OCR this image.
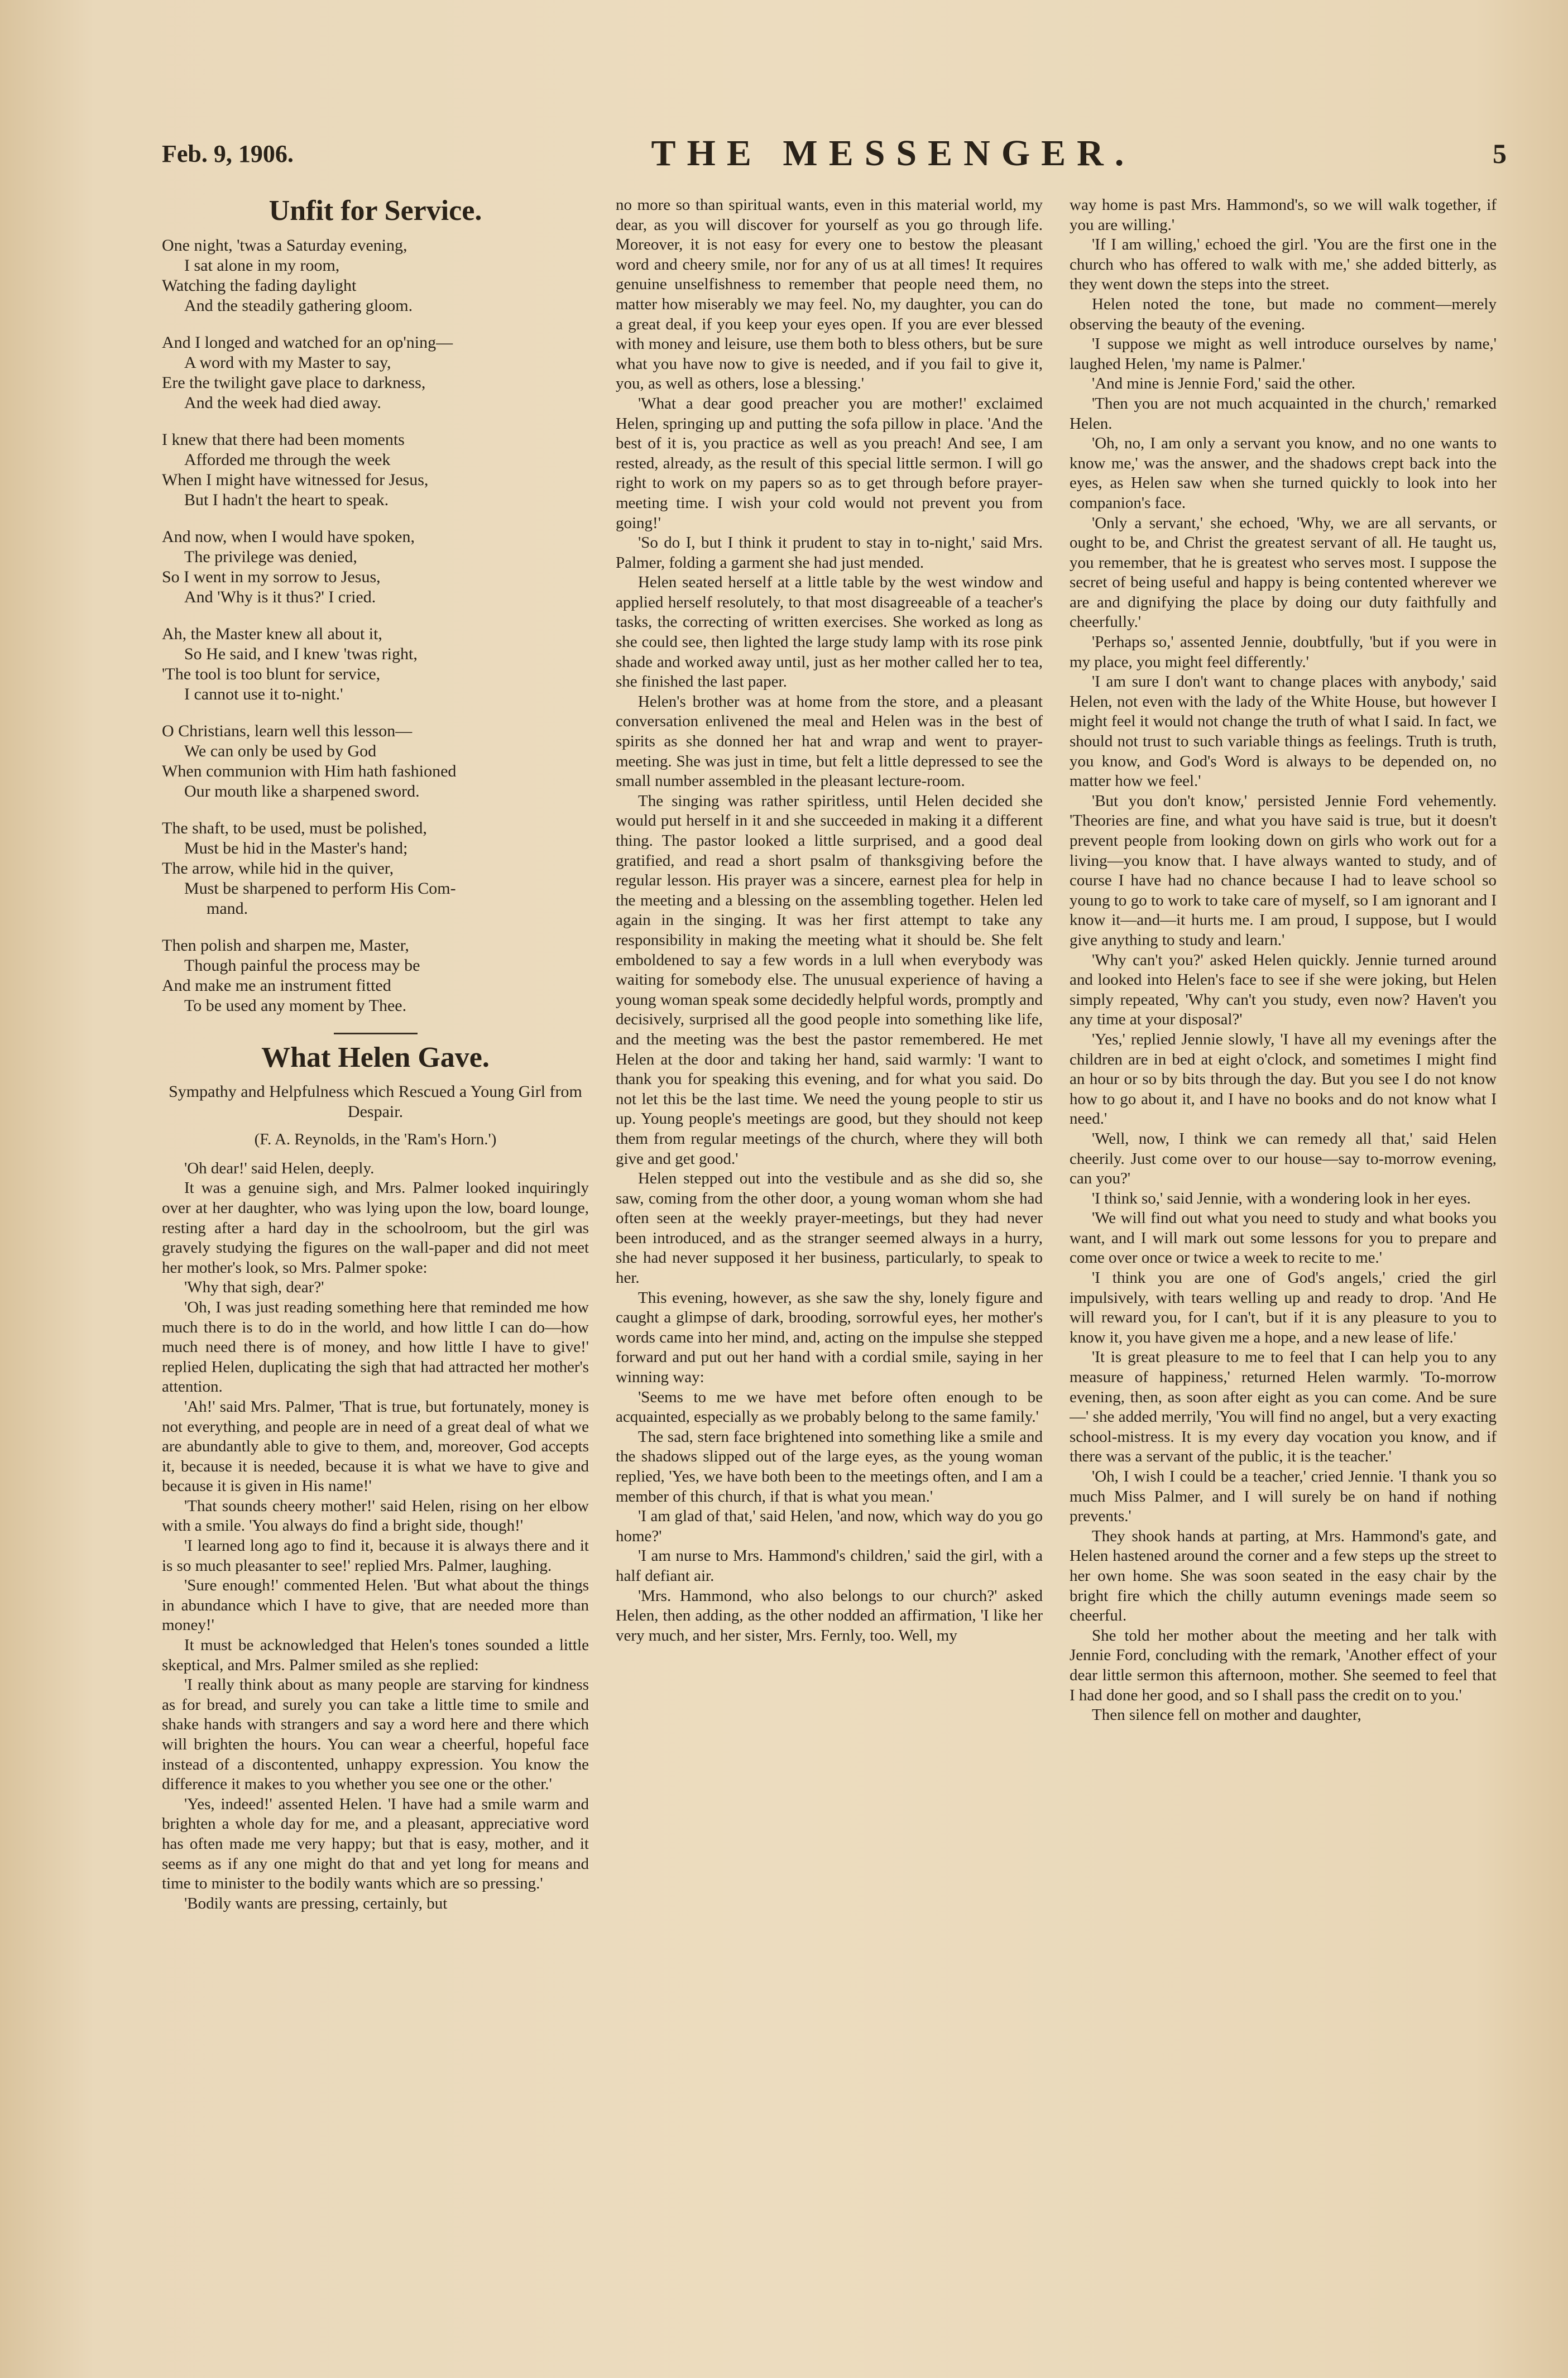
Feb. 9, 1906.	THE MESSENGER.	5
Unfit for Service.
One night, 'twas a Saturday evening,
I sat alone in my room,
Watching the fading daylight
And the steadily gathering gloom.
And I longed and watched for an op'ning—
A word with my Master to say,
Ere the twilight gave place to darkness,
And the week had died away.
I knew that there had been moments
Afforded me through the week
When I might have witnessed for Jesus,
But I hadn't the heart to speak.
And now, when I would have spoken,
The privilege was denied,
So I went in my sorrow to Jesus,
And 'Why is it thus?' I cried.
Ah, the Master knew all about it,
So He said, and I knew 'twas right,
'The tool is too blunt for service,
I cannot use it to-night.'
O Christians, learn well this lesson—
We can only be used by God
When communion with Him hath fashioned
Our mouth like a sharpened sword.
The shaft, to be used, must be polished,
Must be hid in the Master's hand;
The arrow, while hid in the quiver,
Must be sharpened to perform His Com-
mand.
Then polish and sharpen me, Master,
Though painful the process may be
And make me an instrument fitted
To be used any moment by Thee.
What Helen Gave.
Sympathy and Helpfulness which Rescued a Young Girl from Despair.
(F. A. Reynolds, in the 'Ram's Horn.')

'Oh dear!' said Helen, deeply.

It was a genuine sigh, and Mrs. Palmer looked inquiringly over at her daughter, who was lying upon the low, board lounge, resting after a hard day in the schoolroom, but the girl was gravely studying the figures on the wall-paper and did not meet her mother's look, so Mrs. Palmer spoke:

'Why that sigh, dear?'

'Oh, I was just reading something here that reminded me how much there is to do in the world, and how little I can do—how much need there is of money, and how little I have to give!' replied Helen, duplicating the sigh that had attracted her mother's attention.

'Ah!' said Mrs. Palmer, 'That is true, but fortunately, money is not everything, and people are in need of a great deal of what we are abundantly able to give to them, and, moreover, God accepts it, because it is needed, because it is what we have to give and because it is given in His name!'

'That sounds cheery mother!' said Helen, rising on her elbow with a smile. 'You always do find a bright side, though!'

'I learned long ago to find it, because it is always there and it is so much pleasanter to see!' replied Mrs. Palmer, laughing.

'Sure enough!' commented Helen. 'But what about the things in abundance which I have to give, that are needed more than money!'

It must be acknowledged that Helen's tones sounded a little skeptical, and Mrs. Palmer smiled as she replied:

'I really think about as many people are starving for kindness as for bread, and surely you can take a little time to smile and shake hands with strangers and say a word here and there which will brighten the hours. You can wear a cheerful, hopeful face instead of a discontented, unhappy expression. You know the difference it makes to you whether you see one or the other.'

'Yes, indeed!' assented Helen. 'I have had a smile warm and brighten a whole day for me, and a pleasant, appreciative word has often made me very happy; but that is easy, mother, and it seems as if any one might do that and yet long for means and time to minister to the bodily wants which are so pressing.'

'Bodily wants are pressing, certainly, but

no more so than spiritual wants, even in this material world, my dear, as you will discover for yourself as you go through life. Moreover, it is not easy for every one to bestow the pleasant word and cheery smile, nor for any of us at all times! It requires genuine unselfishness to remember that people need them, no matter how miserably we may feel. No, my daughter, you can do a great deal, if you keep your eyes open. If you are ever blessed with money and leisure, use them both to bless others, but be sure what you have now to give is needed, and if you fail to give it, you, as well as others, lose a blessing.'

'What a dear good preacher you are mother!' exclaimed Helen, springing up and putting the sofa pillow in place. 'And the best of it is, you practice as well as you preach! And see, I am rested, already, as the result of this special little sermon. I will go right to work on my papers so as to get through before prayer-meeting time. I wish your cold would not prevent you from going!'

'So do I, but I think it prudent to stay in to-night,' said Mrs. Palmer, folding a garment she had just mended.

Helen seated herself at a little table by the west window and applied herself resolutely, to that most disagreeable of a teacher's tasks, the correcting of written exercises. She worked as long as she could see, then lighted the large study lamp with its rose pink shade and worked away until, just as her mother called her to tea, she finished the last paper.

Helen's brother was at home from the store, and a pleasant conversation enlivened the meal and Helen was in the best of spirits as she donned her hat and wrap and went to prayer-meeting. She was just in time, but felt a little depressed to see the small number assembled in the pleasant lecture-room.

The singing was rather spiritless, until Helen decided she would put herself in it and she succeeded in making it a different thing. The pastor looked a little surprised, and a good deal gratified, and read a short psalm of thanksgiving before the regular lesson. His prayer was a sincere, earnest plea for help in the meeting and a blessing on the assembling together. Helen led again in the singing. It was her first attempt to take any responsibility in making the meeting what it should be. She felt emboldened to say a few words in a lull when everybody was waiting for somebody else. The unusual experience of having a young woman speak some decidedly helpful words, promptly and decisively, surprised all the good people into something like life, and the meeting was the best the pastor remembered. He met Helen at the door and taking her hand, said warmly: 'I want to thank you for speaking this evening, and for what you said. Do not let this be the last time. We need the young people to stir us up. Young people's meetings are good, but they should not keep them from regular meetings of the church, where they will both give and get good.'

Helen stepped out into the vestibule and as she did so, she saw, coming from the other door, a young woman whom she had often seen at the weekly prayer-meetings, but they had never been introduced, and as the stranger seemed always in a hurry, she had never supposed it her business, particularly, to speak to her.

This evening, however, as she saw the shy, lonely figure and caught a glimpse of dark, brooding, sorrowful eyes, her mother's words came into her mind, and, acting on the impulse she stepped forward and put out her hand with a cordial smile, saying in her winning way:

'Seems to me we have met before often enough to be acquainted, especially as we probably belong to the same family.'

The sad, stern face brightened into something like a smile and the shadows slipped out of the large eyes, as the young woman replied, 'Yes, we have both been to the meetings often, and I am a member of this church, if that is what you mean.'

'I am glad of that,' said Helen, 'and now, which way do you go home?'

'I am nurse to Mrs. Hammond's children,' said the girl, with a half defiant air.

'Mrs. Hammond, who also belongs to our church?' asked Helen, then adding, as the other nodded an affirmation, 'I like her very much, and her sister, Mrs. Fernly, too. Well, my

way home is past Mrs. Hammond's, so we will walk together, if you are willing.'

'If I am willing,' echoed the girl. 'You are the first one in the church who has offered to walk with me,' she added bitterly, as they went down the steps into the street.

Helen noted the tone, but made no comment—merely observing the beauty of the evening.

'I suppose we might as well introduce ourselves by name,' laughed Helen, 'my name is Palmer.'

'And mine is Jennie Ford,' said the other.

'Then you are not much acquainted in the church,' remarked Helen.

'Oh, no, I am only a servant you know, and no one wants to know me,' was the answer, and the shadows crept back into the eyes, as Helen saw when she turned quickly to look into her companion's face.

'Only a servant,' she echoed, 'Why, we are all servants, or ought to be, and Christ the greatest servant of all. He taught us, you remember, that he is greatest who serves most. I suppose the secret of being useful and happy is being contented wherever we are and dignifying the place by doing our duty faithfully and cheerfully.'

'Perhaps so,' assented Jennie, doubtfully, 'but if you were in my place, you might feel differently.'

'I am sure I don't want to change places with anybody,' said Helen, not even with the lady of the White House, but however I might feel it would not change the truth of what I said. In fact, we should not trust to such variable things as feelings. Truth is truth, you know, and God's Word is always to be depended on, no matter how we feel.'

'But you don't know,' persisted Jennie Ford vehemently. 'Theories are fine, and what you have said is true, but it doesn't prevent people from looking down on girls who work out for a living—you know that. I have always wanted to study, and of course I have had no chance because I had to leave school so young to go to work to take care of myself, so I am ignorant and I know it—and—it hurts me. I am proud, I suppose, but I would give anything to study and learn.'

'Why can't you?' asked Helen quickly. Jennie turned around and looked into Helen's face to see if she were joking, but Helen simply repeated, 'Why can't you study, even now? Haven't you any time at your disposal?'

'Yes,' replied Jennie slowly, 'I have all my evenings after the children are in bed at eight o'clock, and sometimes I might find an hour or so by bits through the day. But you see I do not know how to go about it, and I have no books and do not know what I need.'

'Well, now, I think we can remedy all that,' said Helen cheerily. Just come over to our house—say to-morrow evening, can you?'

'I think so,' said Jennie, with a wondering look in her eyes.

'We will find out what you need to study and what books you want, and I will mark out some lessons for you to prepare and come over once or twice a week to recite to me.'

'I think you are one of God's angels,' cried the girl impulsively, with tears welling up and ready to drop. 'And He will reward you, for I can't, but if it is any pleasure to you to know it, you have given me a hope, and a new lease of life.'

'It is great pleasure to me to feel that I can help you to any measure of happiness,' returned Helen warmly. 'To-morrow evening, then, as soon after eight as you can come. And be sure—' she added merrily, 'You will find no angel, but a very exacting school-mistress. It is my every day vocation you know, and if there was a servant of the public, it is the teacher.'

'Oh, I wish I could be a teacher,' cried Jennie. 'I thank you so much Miss Palmer, and I will surely be on hand if nothing prevents.'

They shook hands at parting, at Mrs. Hammond's gate, and Helen hastened around the corner and a few steps up the street to her own home. She was soon seated in the easy chair by the bright fire which the chilly autumn evenings made seem so cheerful.

She told her mother about the meeting and her talk with Jennie Ford, concluding with the remark, 'Another effect of your dear little sermon this afternoon, mother. She seemed to feel that I had done her good, and so I shall pass the credit on to you.'

Then silence fell on mother and daughter,
